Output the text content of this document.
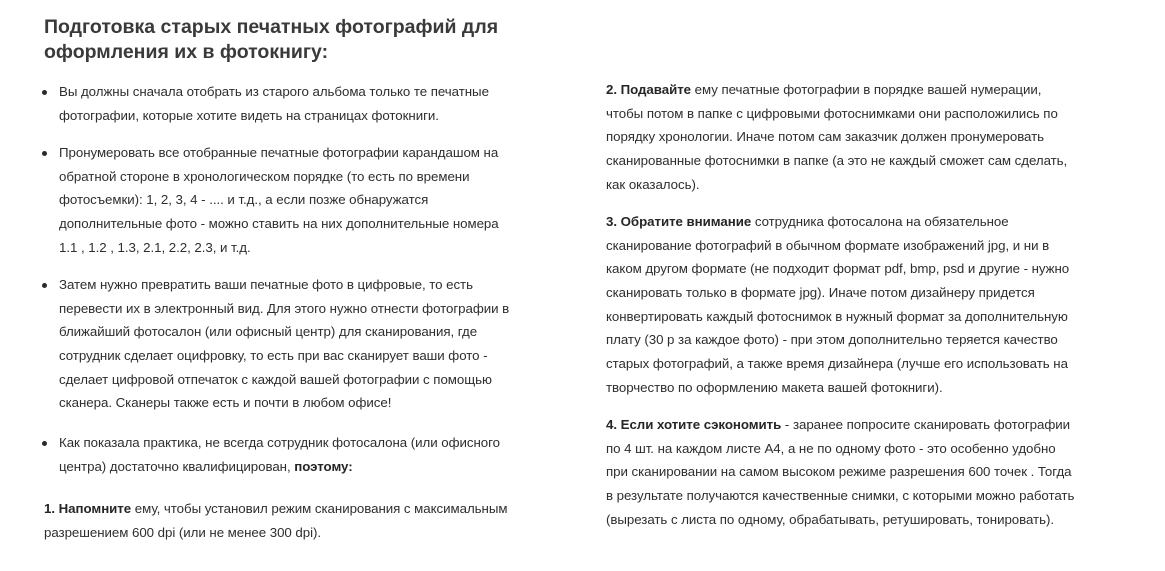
Подготовка старых печатных фотографий для
оформления их в фотокнигу:
Вы должны сначала отобрать из старого альбома только те печатные
фотографии, которые хотите видеть на страницах фотокниги.
Пронумеровать все отобранные печатные фотографии карандашом на
обратной стороне в хронологическом порядке (то есть по времени
фотосъемки): 1, 2, 3, 4 - .... и т.д., а если позже обнаружатся
дополнительные фото - можно ставить на них дополнительные номера
1.1 , 1.2 , 1.3, 2.1, 2.2, 2.3, и т.д.
Затем нужно превратить ваши печатные фото в цифровые, то есть
перевести их в электронный вид. Для этого нужно отнести фотографии в
ближайший фотосалон (или офисный центр) для сканирования, где
сотрудник сделает оцифровку, то есть при вас сканирует ваши фото -
сделает цифровой отпечаток с каждой вашей фотографии с помощью
сканера. Сканеры также есть и почти в любом офисе!
Как показала практика, не всегда сотрудник фотосалона (или офисного
центра) достаточно квалифицирован, поэтому:
1. Напомните ему, чтобы установил режим сканирования с максимальным
разрешением 600 dpi (или не менее 300 dpi).
2. Подавайте ему печатные фотографии в порядке вашей нумерации,
чтобы потом в папке с цифровыми фотоснимками они расположились по
порядку хронологии. Иначе потом сам заказчик должен пронумеровать
сканированные фотоснимки в папке (а это не каждый сможет сам сделать,
как оказалось).
3. Обратите внимание сотрудника фотосалона на обязательное
сканирование фотографий в обычном формате изображений jpg, и ни в
каком другом формате (не подходит формат pdf, bmp, psd и другие - нужно
сканировать только в формате jpg). Иначе потом дизайнеру придется
конвертировать каждый фотоснимок в нужный формат за дополнительную
плату (30 р за каждое фото) - при этом дополнительно теряется качество
старых фотографий, а также время дизайнера (лучше его использовать на
творчество по оформлению макета вашей фотокниги).
4. Если хотите сэкономить - заранее попросите сканировать фотографии
по 4 шт. на каждом листе А4, а не по одному фото - это особенно удобно
при сканировании на самом высоком режиме разрешения 600 точек . Тогда
в результате получаются качественные снимки, с которыми можно работать
(вырезать с листа по одному, обрабатывать, ретушировать, тонировать).
